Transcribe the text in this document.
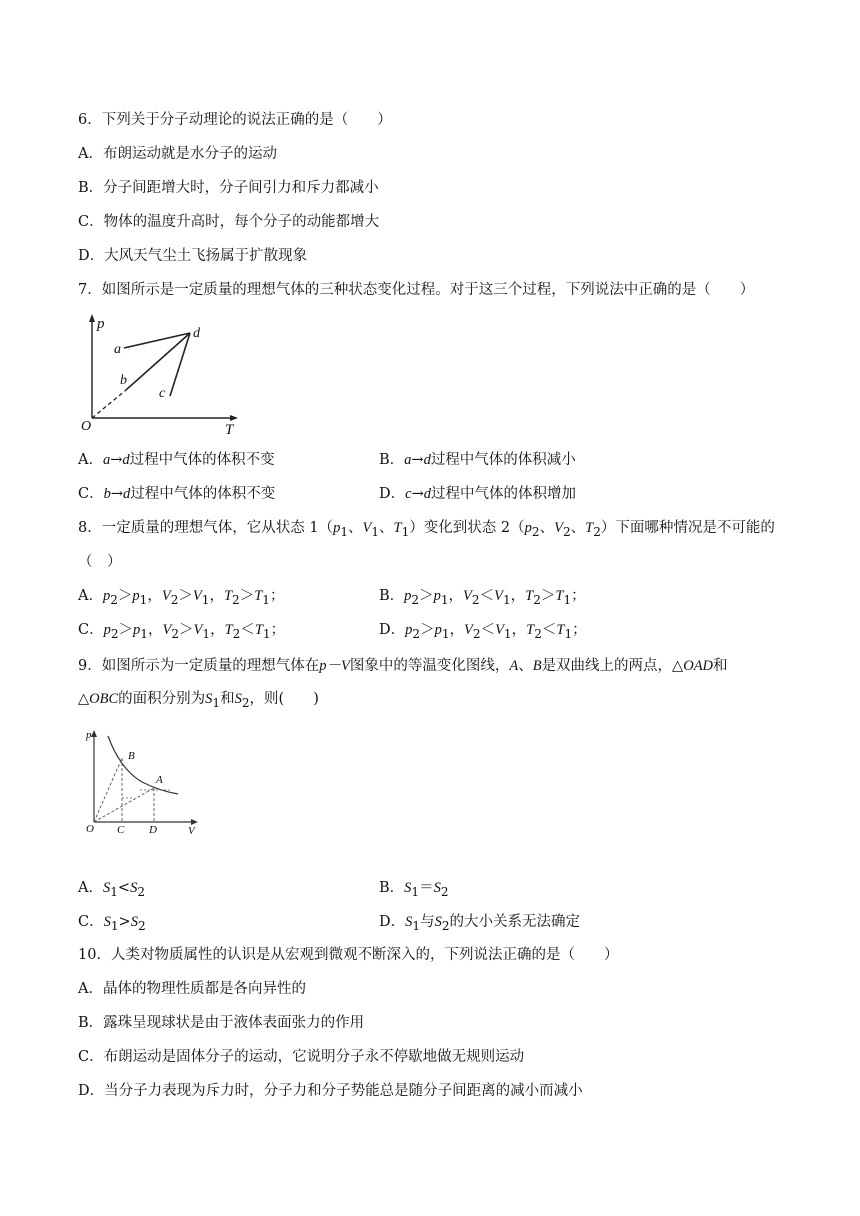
6．下列关于分子动理论的说法正确的是（　　）
A．布朗运动就是水分子的运动
B．分子间距增大时，分子间引力和斥力都减小
C．物体的温度升高时，每个分子的动能都增大
D．大风天气尘土飞扬属于扩散现象
7．如图所示是一定质量的理想气体的三种状态变化过程。对于这三个过程，下列说法中正确的是（　　）
p
d
a
b
c
O	T
A．a→d过程中气体的体积不变	B．a→d过程中气体的体积减小
C．b→d过程中气体的体积不变	D．c→d过程中气体的体积增加
8．一定质量的理想气体，它从状态 $1(p_1$、$V_1$、$T_1$）变化到状态 $2(p_2$、$V_2$、$T_2$）下面哪种情况是不可能的
（　）
A．$p_2>p_1$，$V_2>V_1$，$T_2>T_1$；	B．$p_2>p_1$，$V_2<V_1$，$T_2>T_1$；
C．$p_2>p_1$，$V_2>V_1$，$T_2<T_1$；	D．$p_2>p_1$，$V_2<V_1$，$T_2<T_1$；
9．如图所示为一定质量的理想气体在p－V图象中的等温变化图线，A、B是双曲线上的两点，△OAD和
△OBC的面积分别为$S_1$和$S_2$，则(　　)
p
B
A
O C D	V
A．$S_1<S_2$	B．$S_1=S_2$
C．$S_1>S_2$	D．$S_1$与$S_2$的大小关系无法确定
10．人类对物质属性的认识是从宏观到微观不断深入的，下列说法正确的是（　　）
A．晶体的物理性质都是各向异性的
B．露珠呈现球状是由于液体表面张力的作用
C．布朗运动是固体分子的运动，它说明分子永不停歇地做无规则运动
D．当分子力表现为斥力时，分子力和分子势能总是随分子间距离的减小而减小
